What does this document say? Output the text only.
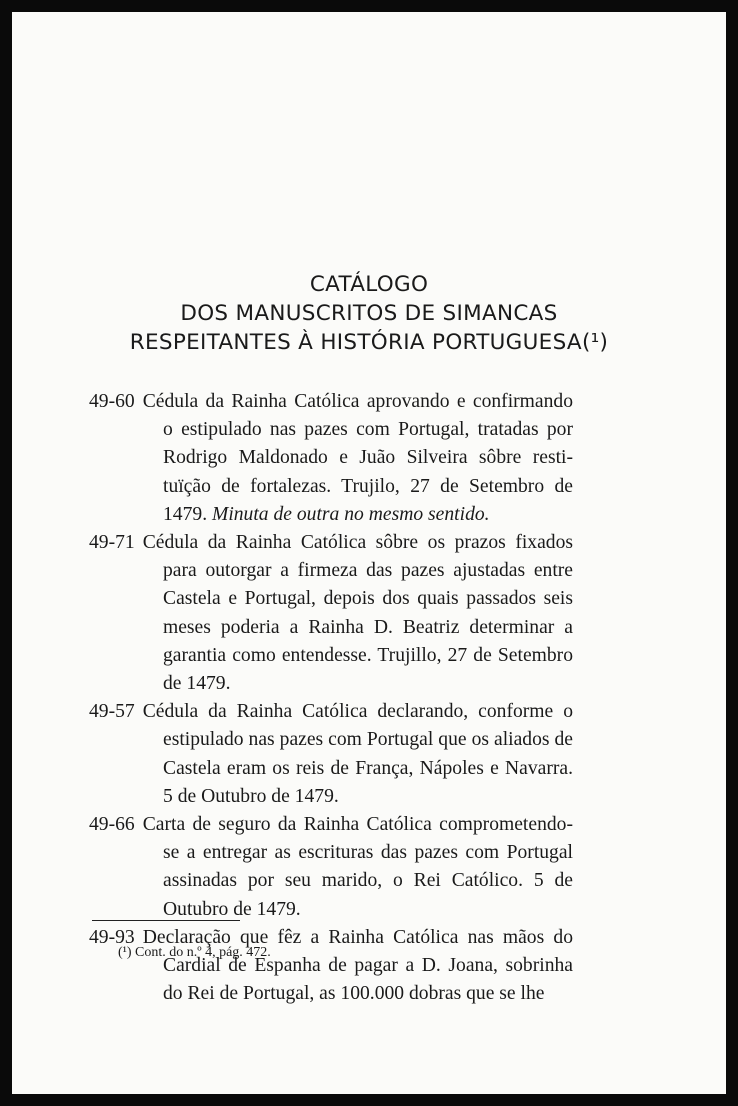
CATÁLOGO
DOS MANUSCRITOS DE SIMANCAS
RESPEITANTES À HISTÓRIA PORTUGUESA(¹)

49-60 Cédula da Rainha Católica aprovando e confirmando o estipulado nas pazes com Portugal, tratadas por Rodrigo Maldonado e Juão Silveira sôbre restituïção de fortalezas. Trujilo, 27 de Setembro de 1479. Minuta de outra no mesmo sentido.

49-71 Cédula da Rainha Católica sôbre os prazos fixados para outorgar a firmeza das pazes ajustadas entre Castela e Portugal, depois dos quais passados seis meses poderia a Rainha D. Beatriz determinar a garantia como entendesse. Trujillo, 27 de Setembro de 1479.

49-57 Cédula da Rainha Católica declarando, conforme o estipulado nas pazes com Portugal que os aliados de Castela eram os reis de França, Nápoles e Navarra. 5 de Outubro de 1479.

49-66 Carta de seguro da Rainha Católica comprometendo-se a entregar as escrituras das pazes com Portugal assinadas por seu marido, o Rei Católico. 5 de Outubro de 1479.

49-93 Declaração que fêz a Rainha Católica nas mãos do Cardial de Espanha de pagar a D. Joana, sobrinha do Rei de Portugal, as 100.000 dobras que se lhe

(¹) Cont. do n.º 4, pág. 472.
